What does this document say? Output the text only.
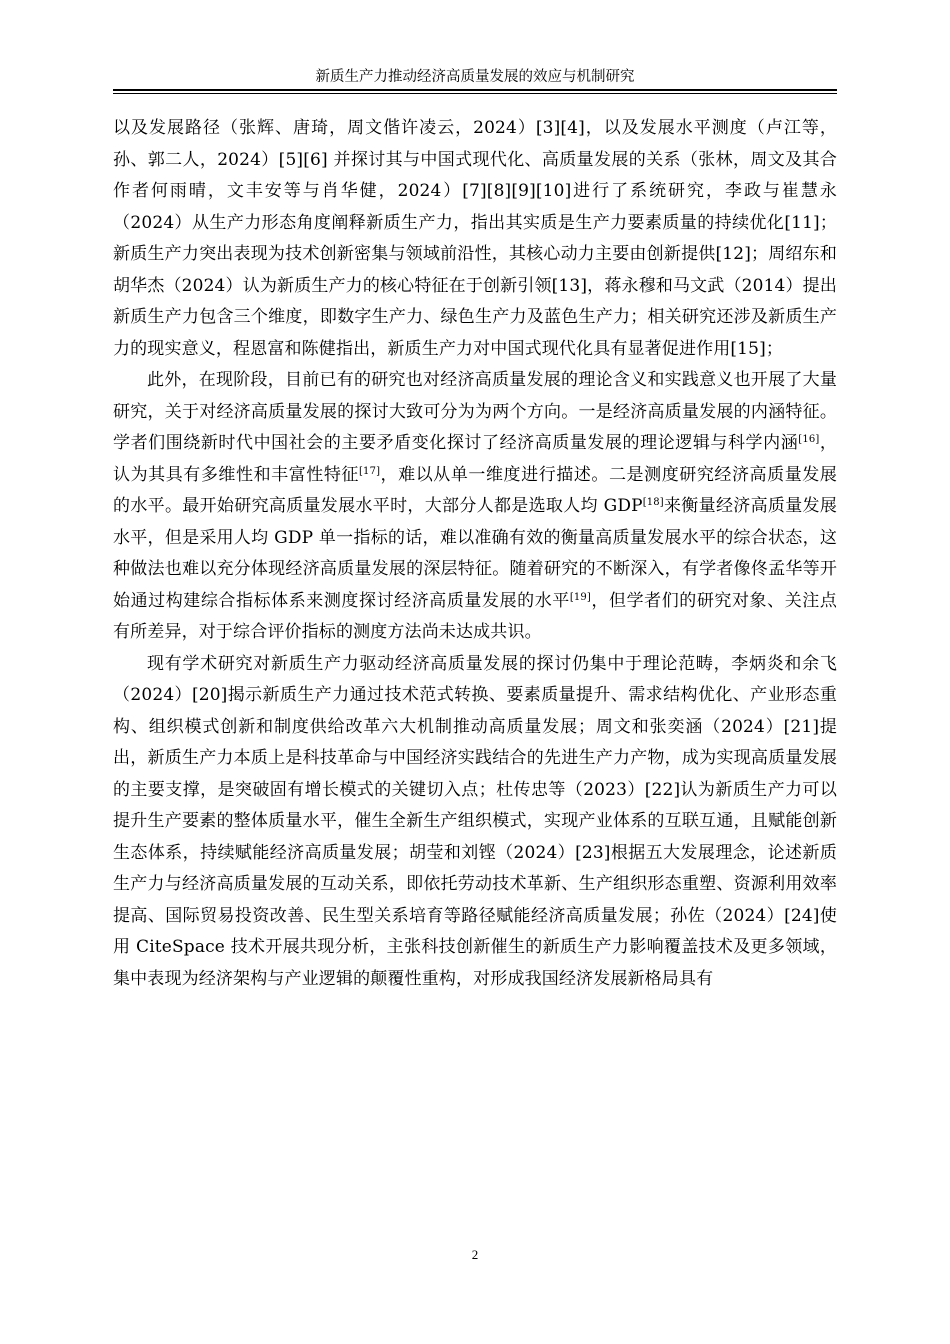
新质生产力推动经济高质量发展的效应与机制研究

以及发展路径（张辉、唐琦，周文偕许凌云，2024）[3][4]，以及发展水平测度（卢江等，孙、郭二人，2024）[5][6] 并探讨其与中国式现代化、高质量发展的关系（张林，周文及其合作者何雨晴，文丰安等与肖华健，2024）[7][8][9][10]进行了系统研究，李政与崔慧永（2024）从生产力形态角度阐释新质生产力，指出其实质是生产力要素质量的持续优化[11]；新质生产力突出表现为技术创新密集与领域前沿性，其核心动力主要由创新提供[12]；周绍东和胡华杰（2024）认为新质生产力的核心特征在于创新引领[13]，蒋永穆和马文武（2014）提出新质生产力包含三个维度，即数字生产力、绿色生产力及蓝色生产力；相关研究还涉及新质生产力的现实意义，程恩富和陈健指出，新质生产力对中国式现代化具有显著促进作用[15]；

此外，在现阶段，目前已有的研究也对经济高质量发展的理论含义和实践意义也开展了大量研究，关于对经济高质量发展的探讨大致可分为为两个方向。一是经济高质量发展的内涵特征。学者们围绕新时代中国社会的主要矛盾变化探讨了经济高质量发展的理论逻辑与科学内涵[16]，认为其具有多维性和丰富性特征[17]，难以从单一维度进行描述。二是测度研究经济高质量发展的水平。最开始研究高质量发展水平时，大部分人都是选取人均 GDP[18]来衡量经济高质量发展水平，但是采用人均 GDP 单一指标的话，难以准确有效的衡量高质量发展水平的综合状态，这种做法也难以充分体现经济高质量发展的深层特征。随着研究的不断深入，有学者像佟孟华等开始通过构建综合指标体系来测度探讨经济高质量发展的水平[19]，但学者们的研究对象、关注点有所差异，对于综合评价指标的测度方法尚未达成共识。

现有学术研究对新质生产力驱动经济高质量发展的探讨仍集中于理论范畴，李炳炎和余飞（2024）[20]揭示新质生产力通过技术范式转换、要素质量提升、需求结构优化、产业形态重构、组织模式创新和制度供给改革六大机制推动高质量发展；周文和张奕涵（2024）[21]提出，新质生产力本质上是科技革命与中国经济实践结合的先进生产力产物，成为实现高质量发展的主要支撑，是突破固有增长模式的关键切入点；杜传忠等（2023）[22]认为新质生产力可以提升生产要素的整体质量水平，催生全新生产组织模式，实现产业体系的互联互通，且赋能创新生态体系，持续赋能经济高质量发展；胡莹和刘铿（2024）[23]根据五大发展理念，论述新质生产力与经济高质量发展的互动关系，即依托劳动技术革新、生产组织形态重塑、资源利用效率提高、国际贸易投资改善、民生型关系培育等路径赋能经济高质量发展；孙佐（2024）[24]使用 CiteSpace 技术开展共现分析，主张科技创新催生的新质生产力影响覆盖技术及更多领域，集中表现为经济架构与产业逻辑的颠覆性重构，对形成我国经济发展新格局具有

2
